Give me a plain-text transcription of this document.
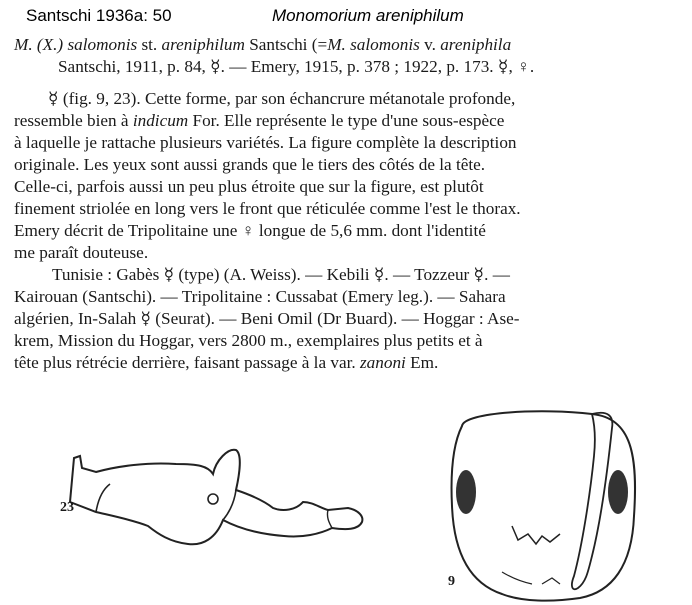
Santschi 1936a: 50	Monomorium areniphilum
M. (X.) salomonis st. areniphilum Santschi (=M. salomonis v. areniphila
Santschi, 1911, p. 84, ☿. — Emery, 1915, p. 378 ; 1922, p. 173. ☿, ♀.
☿ (fig. 9, 23). Cette forme, par son échancrure métanotale profonde,
ressemble bien à indicum For. Elle représente le type d'une sous-espèce
à laquelle je rattache plusieurs variétés. La figure complète la description
originale. Les yeux sont aussi grands que le tiers des côtés de la tête.
Celle-ci, parfois aussi un peu plus étroite que sur la figure, est plutôt
finement striolée en long vers le front que réticulée comme l'est le thorax.
Emery décrit de Tripolitaine une ♀ longue de 5,6 mm. dont l'identité
me paraît douteuse.
Tunisie : Gabès ☿ (type) (A. Weiss). — Kebili ☿. — Tozzeur ☿. —
Kairouan (Santschi). — Tripolitaine : Cussabat (Emery leg.). — Sahara
algérien, In-Salah ☿ (Seurat). — Beni Omil (Dr Buard). — Hoggar : Ase-
krem, Mission du Hoggar, vers 2800 m., exemplaires plus petits et à
tête plus rétrécie derrière, faisant passage à la var. zanoni Em.
23
9
